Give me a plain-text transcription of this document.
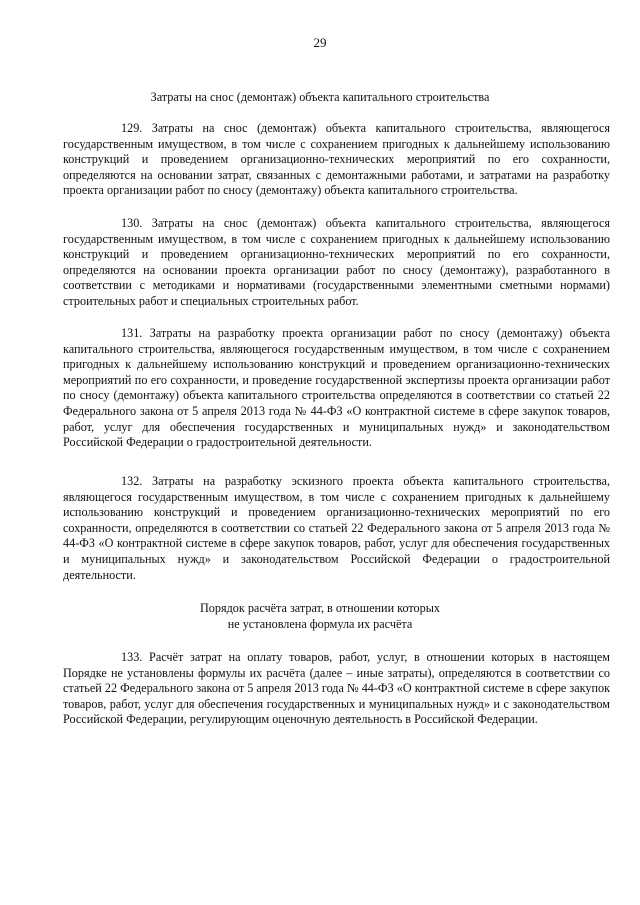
29
Затраты на снос (демонтаж) объекта капитального строительства

129. Затраты на снос (демонтаж) объекта капитального строительства, являющегося государственным имуществом, в том числе с сохранением пригодных к дальнейшему использованию конструкций и проведением организационно-технических мероприятий по его сохранности, определяются на основании затрат, связанных с демонтажными работами, и затратами на разработку проекта организации работ по сносу (демонтажу) объекта капитального строительства.

130. Затраты на снос (демонтаж) объекта капитального строительства, являющегося государственным имуществом, в том числе с сохранением пригодных к дальнейшему использованию конструкций и проведением организационно-технических мероприятий по его сохранности, определяются на основании проекта организации работ по сносу (демонтажу), разработанного в соответствии с методиками и нормативами (государственными элементными сметными нормами) строительных работ и специальных строительных работ.

131. Затраты на разработку проекта организации работ по сносу (демонтажу) объекта капитального строительства, являющегося государственным имуществом, в том числе с сохранением пригодных к дальнейшему использованию конструкций и проведением организационно-технических мероприятий по его сохранности, и проведение государственной экспертизы проекта организации работ по сносу (демонтажу) объекта капитального строительства определяются в соответствии со статьей 22 Федерального закона от 5 апреля 2013 года № 44-ФЗ «О контрактной системе в сфере закупок товаров, работ, услуг для обеспечения государственных и муниципальных нужд» и законодательством Российской Федерации о градостроительной деятельности.

132. Затраты на разработку эскизного проекта объекта капитального строительства, являющегося государственным имуществом, в том числе с сохранением пригодных к дальнейшему использованию конструкций и проведением организационно-технических мероприятий по его сохранности, определяются в соответствии со статьей 22 Федерального закона от 5 апреля 2013 года № 44-ФЗ «О контрактной системе в сфере закупок товаров, работ, услуг для обеспечения государственных и муниципальных нужд» и законодательством Российской Федерации о градостроительной деятельности.

Порядок расчёта затрат, в отношении которых
не установлена формула их расчёта

133. Расчёт затрат на оплату товаров, работ, услуг, в отношении которых в настоящем Порядке не установлены формулы их расчёта (далее – иные затраты), определяются в соответствии со статьей 22 Федерального закона от 5 апреля 2013 года № 44-ФЗ «О контрактной системе в сфере закупок товаров, работ, услуг для обеспечения государственных и муниципальных нужд» и с законодательством Российской Федерации, регулирующим оценочную деятельность в Российской Федерации.
